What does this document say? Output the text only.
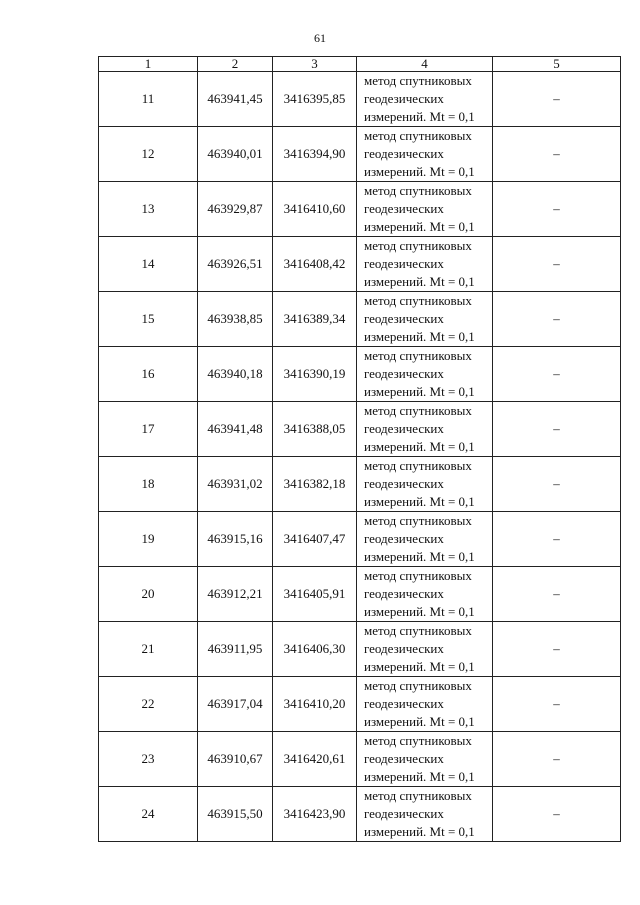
61
1	2	3	4	5
11	463941,45	3416395,85	метод спутниковых
геодезических
измерений. Mt = 0,1	–
12	463940,01	3416394,90	метод спутниковых
геодезических
измерений. Mt = 0,1	–
13	463929,87	3416410,60	метод спутниковых
геодезических
измерений. Mt = 0,1	–
14	463926,51	3416408,42	метод спутниковых
геодезических
измерений. Mt = 0,1	–
15	463938,85	3416389,34	метод спутниковых
геодезических
измерений. Mt = 0,1	–
16	463940,18	3416390,19	метод спутниковых
геодезических
измерений. Mt = 0,1	–
17	463941,48	3416388,05	метод спутниковых
геодезических
измерений. Mt = 0,1	–
18	463931,02	3416382,18	метод спутниковых
геодезических
измерений. Mt = 0,1	–
19	463915,16	3416407,47	метод спутниковых
геодезических
измерений. Mt = 0,1	–
20	463912,21	3416405,91	метод спутниковых
геодезических
измерений. Mt = 0,1	–
21	463911,95	3416406,30	метод спутниковых
геодезических
измерений. Mt = 0,1	–
22	463917,04	3416410,20	метод спутниковых
геодезических
измерений. Mt = 0,1	–
23	463910,67	3416420,61	метод спутниковых
геодезических
измерений. Mt = 0,1	–
24	463915,50	3416423,90	метод спутниковых
геодезических
измерений. Mt = 0,1	–
